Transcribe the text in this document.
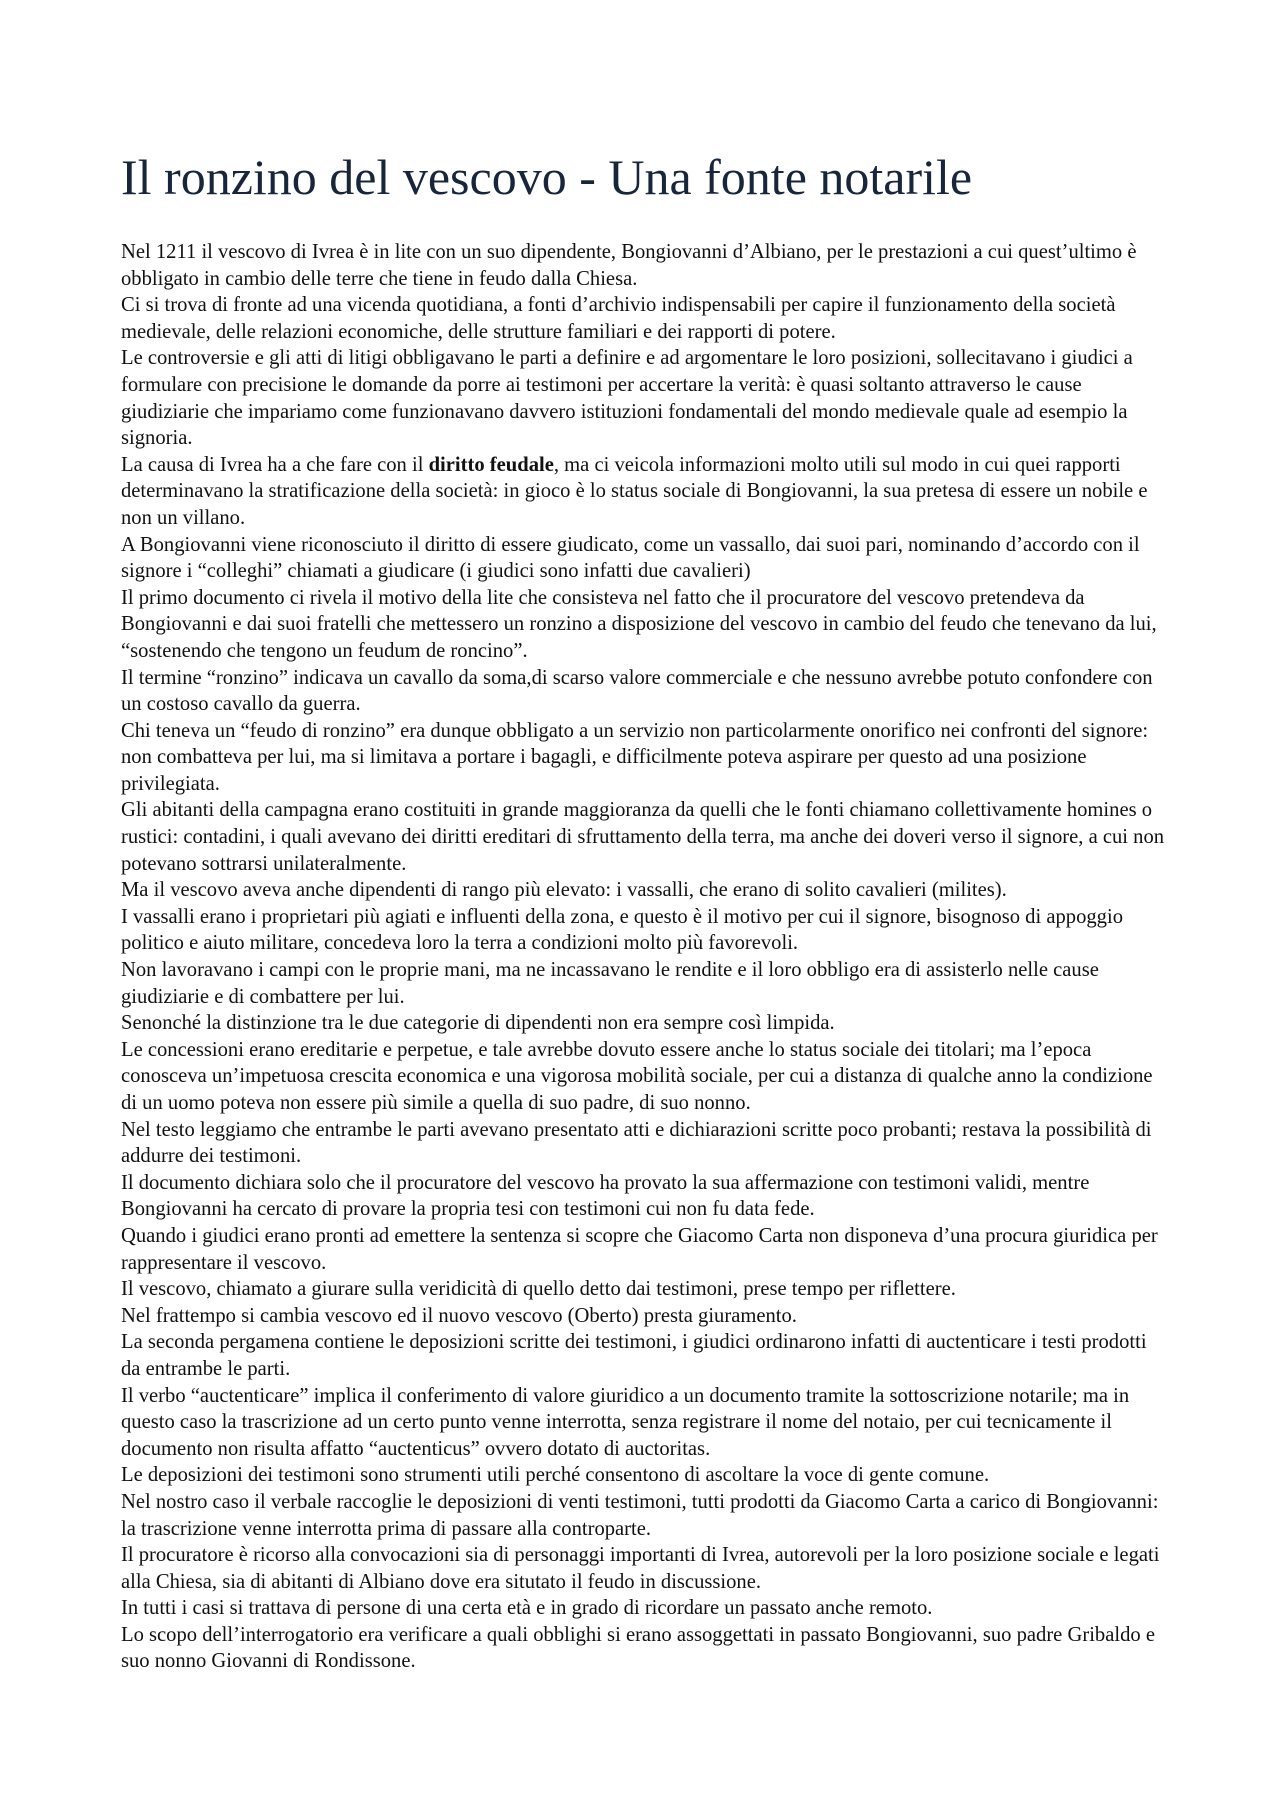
Il ronzino del vescovo - Una fonte notarile

Nel 1211 il vescovo di Ivrea è in lite con un suo dipendente, Bongiovanni d’Albiano, per le prestazioni a cui quest’ultimo è obbligato in cambio delle terre che tiene in feudo dalla Chiesa.

Ci si trova di fronte ad una vicenda quotidiana, a fonti d’archivio indispensabili per capire il funzionamento della società medievale, delle relazioni economiche, delle strutture familiari e dei rapporti di potere.

Le controversie e gli atti di litigi obbligavano le parti a definire e ad argomentare le loro posizioni, sollecitavano i giudici a formulare con precisione le domande da porre ai testimoni per accertare la verità: è quasi soltanto attraverso le cause giudiziarie che impariamo come funzionavano davvero istituzioni fondamentali del mondo medievale quale ad esempio la signoria.

La causa di Ivrea ha a che fare con il diritto feudale, ma ci veicola informazioni molto utili sul modo in cui quei rapporti determinavano la stratificazione della società: in gioco è lo status sociale di Bongiovanni, la sua pretesa di essere un nobile e non un villano.

A Bongiovanni viene riconosciuto il diritto di essere giudicato, come un vassallo, dai suoi pari, nominando d’accordo con il signore i “colleghi” chiamati a giudicare (i giudici sono infatti due cavalieri)

Il primo documento ci rivela il motivo della lite che consisteva nel fatto che il procuratore del vescovo pretendeva da Bongiovanni e dai suoi fratelli che mettessero un ronzino a disposizione del vescovo in cambio del feudo che tenevano da lui, “sostenendo che tengono un feudum de roncino”.

Il termine “ronzino” indicava un cavallo da soma,di scarso valore commerciale e che nessuno avrebbe potuto confondere con un costoso cavallo da guerra.

Chi teneva un “feudo di ronzino” era dunque obbligato a un servizio non particolarmente onorifico nei confronti del signore: non combatteva per lui, ma si limitava a portare i bagagli, e difficilmente poteva aspirare per questo ad una posizione privilegiata.

Gli abitanti della campagna erano costituiti in grande maggioranza da quelli che le fonti chiamano collettivamente homines o rustici: contadini, i quali avevano dei diritti ereditari di sfruttamento della terra, ma anche dei doveri verso il signore, a cui non potevano sottrarsi unilateralmente.

Ma il vescovo aveva anche dipendenti di rango più elevato: i vassalli, che erano di solito cavalieri (milites).

I vassalli erano i proprietari più agiati e influenti della zona, e questo è il motivo per cui il signore, bisognoso di appoggio politico e aiuto militare, concedeva loro la terra a condizioni molto più favorevoli.

Non lavoravano i campi con le proprie mani, ma ne incassavano le rendite e il loro obbligo era di assisterlo nelle cause giudiziarie e di combattere per lui.

Senonché la distinzione tra le due categorie di dipendenti non era sempre così limpida.

Le concessioni erano ereditarie e perpetue, e tale avrebbe dovuto essere anche lo status sociale dei titolari; ma l’epoca conosceva un’impetuosa crescita economica e una vigorosa mobilità sociale, per cui a distanza di qualche anno la condizione di un uomo poteva non essere più simile a quella di suo padre, di suo nonno.

Nel testo leggiamo che entrambe le parti avevano presentato atti e dichiarazioni scritte poco probanti; restava la possibilità di addurre dei testimoni.

Il documento dichiara solo che il procuratore del vescovo ha provato la sua affermazione con testimoni validi, mentre Bongiovanni ha cercato di provare la propria tesi con testimoni cui non fu data fede.

Quando i giudici erano pronti ad emettere la sentenza si scopre che Giacomo Carta non disponeva d’una procura giuridica per rappresentare il vescovo.

Il vescovo, chiamato a giurare sulla veridicità di quello detto dai testimoni, prese tempo per riflettere.

Nel frattempo si cambia vescovo ed il nuovo vescovo (Oberto) presta giuramento.

La seconda pergamena contiene le deposizioni scritte dei testimoni, i giudici ordinarono infatti di auctenticare i testi prodotti da entrambe le parti.

Il verbo “auctenticare” implica il conferimento di valore giuridico a un documento tramite la sottoscrizione notarile; ma in questo caso la trascrizione ad un certo punto venne interrotta, senza registrare il nome del notaio, per cui tecnicamente il documento non risulta affatto “auctenticus” ovvero dotato di auctoritas.

Le deposizioni dei testimoni sono strumenti utili perché consentono di ascoltare la voce di gente comune.

Nel nostro caso il verbale raccoglie le deposizioni di venti testimoni, tutti prodotti da Giacomo Carta a carico di Bongiovanni: la trascrizione venne interrotta prima di passare alla controparte.

Il procuratore è ricorso alla convocazioni sia di personaggi importanti di Ivrea, autorevoli per la loro posizione sociale e legati alla Chiesa, sia di abitanti di Albiano dove era situtato il feudo in discussione.

In tutti i casi si trattava di persone di una certa età e in grado di ricordare un passato anche remoto.

Lo scopo dell’interrogatorio era verificare a quali obblighi si erano assoggettati in passato Bongiovanni, suo padre Gribaldo e suo nonno Giovanni di Rondissone.
